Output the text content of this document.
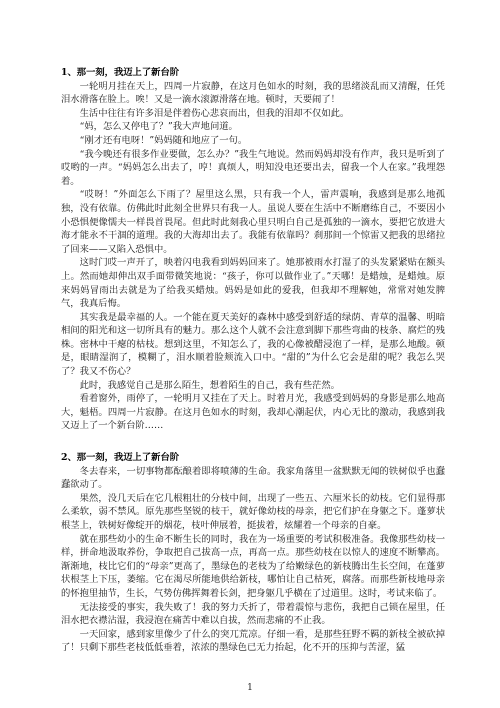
1、那一刻，我迈上了新台阶

一轮明月挂在天上，四周一片寂静，在这月色如水的时刻，我的思绪淡乱而又清醒，任凭泪水滑落在脸上。唉！又是一滴水滚源滑落在地。顿时，天要闹了！

生活中往往有许多泪是伴着伤心悲哀而出，但我的泪却不仅如此。

“妈，怎么又停电了？”我大声地问道。

“刚才还有电呀！”妈妈随和地应了一句。

“我今晚还有很多作业要做，怎么办？”我生气地说。然而妈妈却没有作声，我只是听到了哎哟的一声。“妈妈怎么出去了，哼！真烦人，明知没电还要出去，留我一个人在家。”我埋怨着。

“哎呀！”外面怎么下雨了？屋里这么黑，只有我一个人，雷声震响，我感到是那么地孤独，没有依靠。仿佛此时此刻全世界只有我一人。虽说人要在生活中不断磨练自己，不要因小小恐惧便像懦夫一样畏首畏尾。但此时此刻我心里只明白自己是孤独的一滴水，要把它放进大海才能永不干涸的道理。我的大海却出去了。我能有依靠吗？刹那间一个惊雷又把我的思绪拉了回来——又陷入恐惧中。

这时门哎一声开了，映着闪电我看到妈妈回来了。她那被雨水打湿了的头发紧紧贴在额头上。然而她却伸出双手面带微笑地说：“孩子，你可以做作业了。”天哪！是蜡烛，是蜡烛。原来妈妈冒雨出去就是为了给我买蜡烛。妈妈是如此的爱我，但我却不理解她，常常对她发脾气，我真后悔。

其实我是最幸福的人。一个能在夏天美好的森林中感受到舒适的绿荫、青草的温馨、明暗相间的阳光和这一切所具有的魅力。那么这个人就不会注意到脚下那些弯曲的枝条、腐烂的残株。密林中干瘪的枯枝。想到这里，不知怎么了，我的心像被醋浸泡了一样，是那么地酸。顿是，眼睛湿润了，模糊了，泪水顺着脸颊流入口中。“甜的”为什么它会是甜的呢？我怎么哭了？我又不伤心？

此时，我感觉自己是那么陌生，想着陌生的自己，我有些茫然。

看着窗外，雨停了，一轮明月又挂在了天上。时着月光，我感受到妈妈的身影是那么地高大，魁梧。四周一片寂静。在这月色如水的时刻，我却心潮起伏，内心无比的激动，我感到我又迈上了一个新台阶……

2、那一刻，我迈上了新台阶

冬去春来，一切事物都酝酿着即将喷薄的生命。我家角落里一盆默默无闻的铁树似乎也蠢蠢欲动了。

果然，没几天后在它几根粗壮的分枝中间，出现了一些五、六厘米长的幼枝。它们显得那么柔软，弱不禁风。原先那些坚锐的枝干，就好像幼枝的母亲，把它们护在身躯之下。蓬萝状根茎上，铁树好像绽开的烟花，枝叶伸展着，挺拔着，炫耀着一个母亲的自豪。

就在那些幼小的生命不断生长的同时，我在为一场重要的考试积极准备。我像那些幼枝一样，拼命地汲取养份，争取把自己拔高一点，再高一点。那些幼枝在以惊人的速度不断攀高。渐渐地，枝比它们的“母亲”更高了，墨绿色的老枝为了给嫩绿色的新枝腾出生长空间，在蓬萝状根茎上下压，萎缩。它在渴尽所能地供给新枝，哪怕让自己枯死，腐落。而那些新枝地母亲的怀抱里抽节，生长，气势仿佛挥舞着长剑，把身躯几乎横在了过道里。这时，考试来临了。

无法接受的事实，我失败了！我的努力夭折了，带着震惊与悲伤，我把自己锁在屋里，任泪水把衣襟沾湿，我浸泡在痛苦中难以自拔，然而悲痛的不止我。

一天回家，感到家里像少了什么的突兀荒凉。仔细一看，是那些狂野不羁的新枝全被砍掉了！只剩下那些老枝低低垂着，浓浓的墨绿色已无力抬起，化不开的压抑与苦涩，猛

1
